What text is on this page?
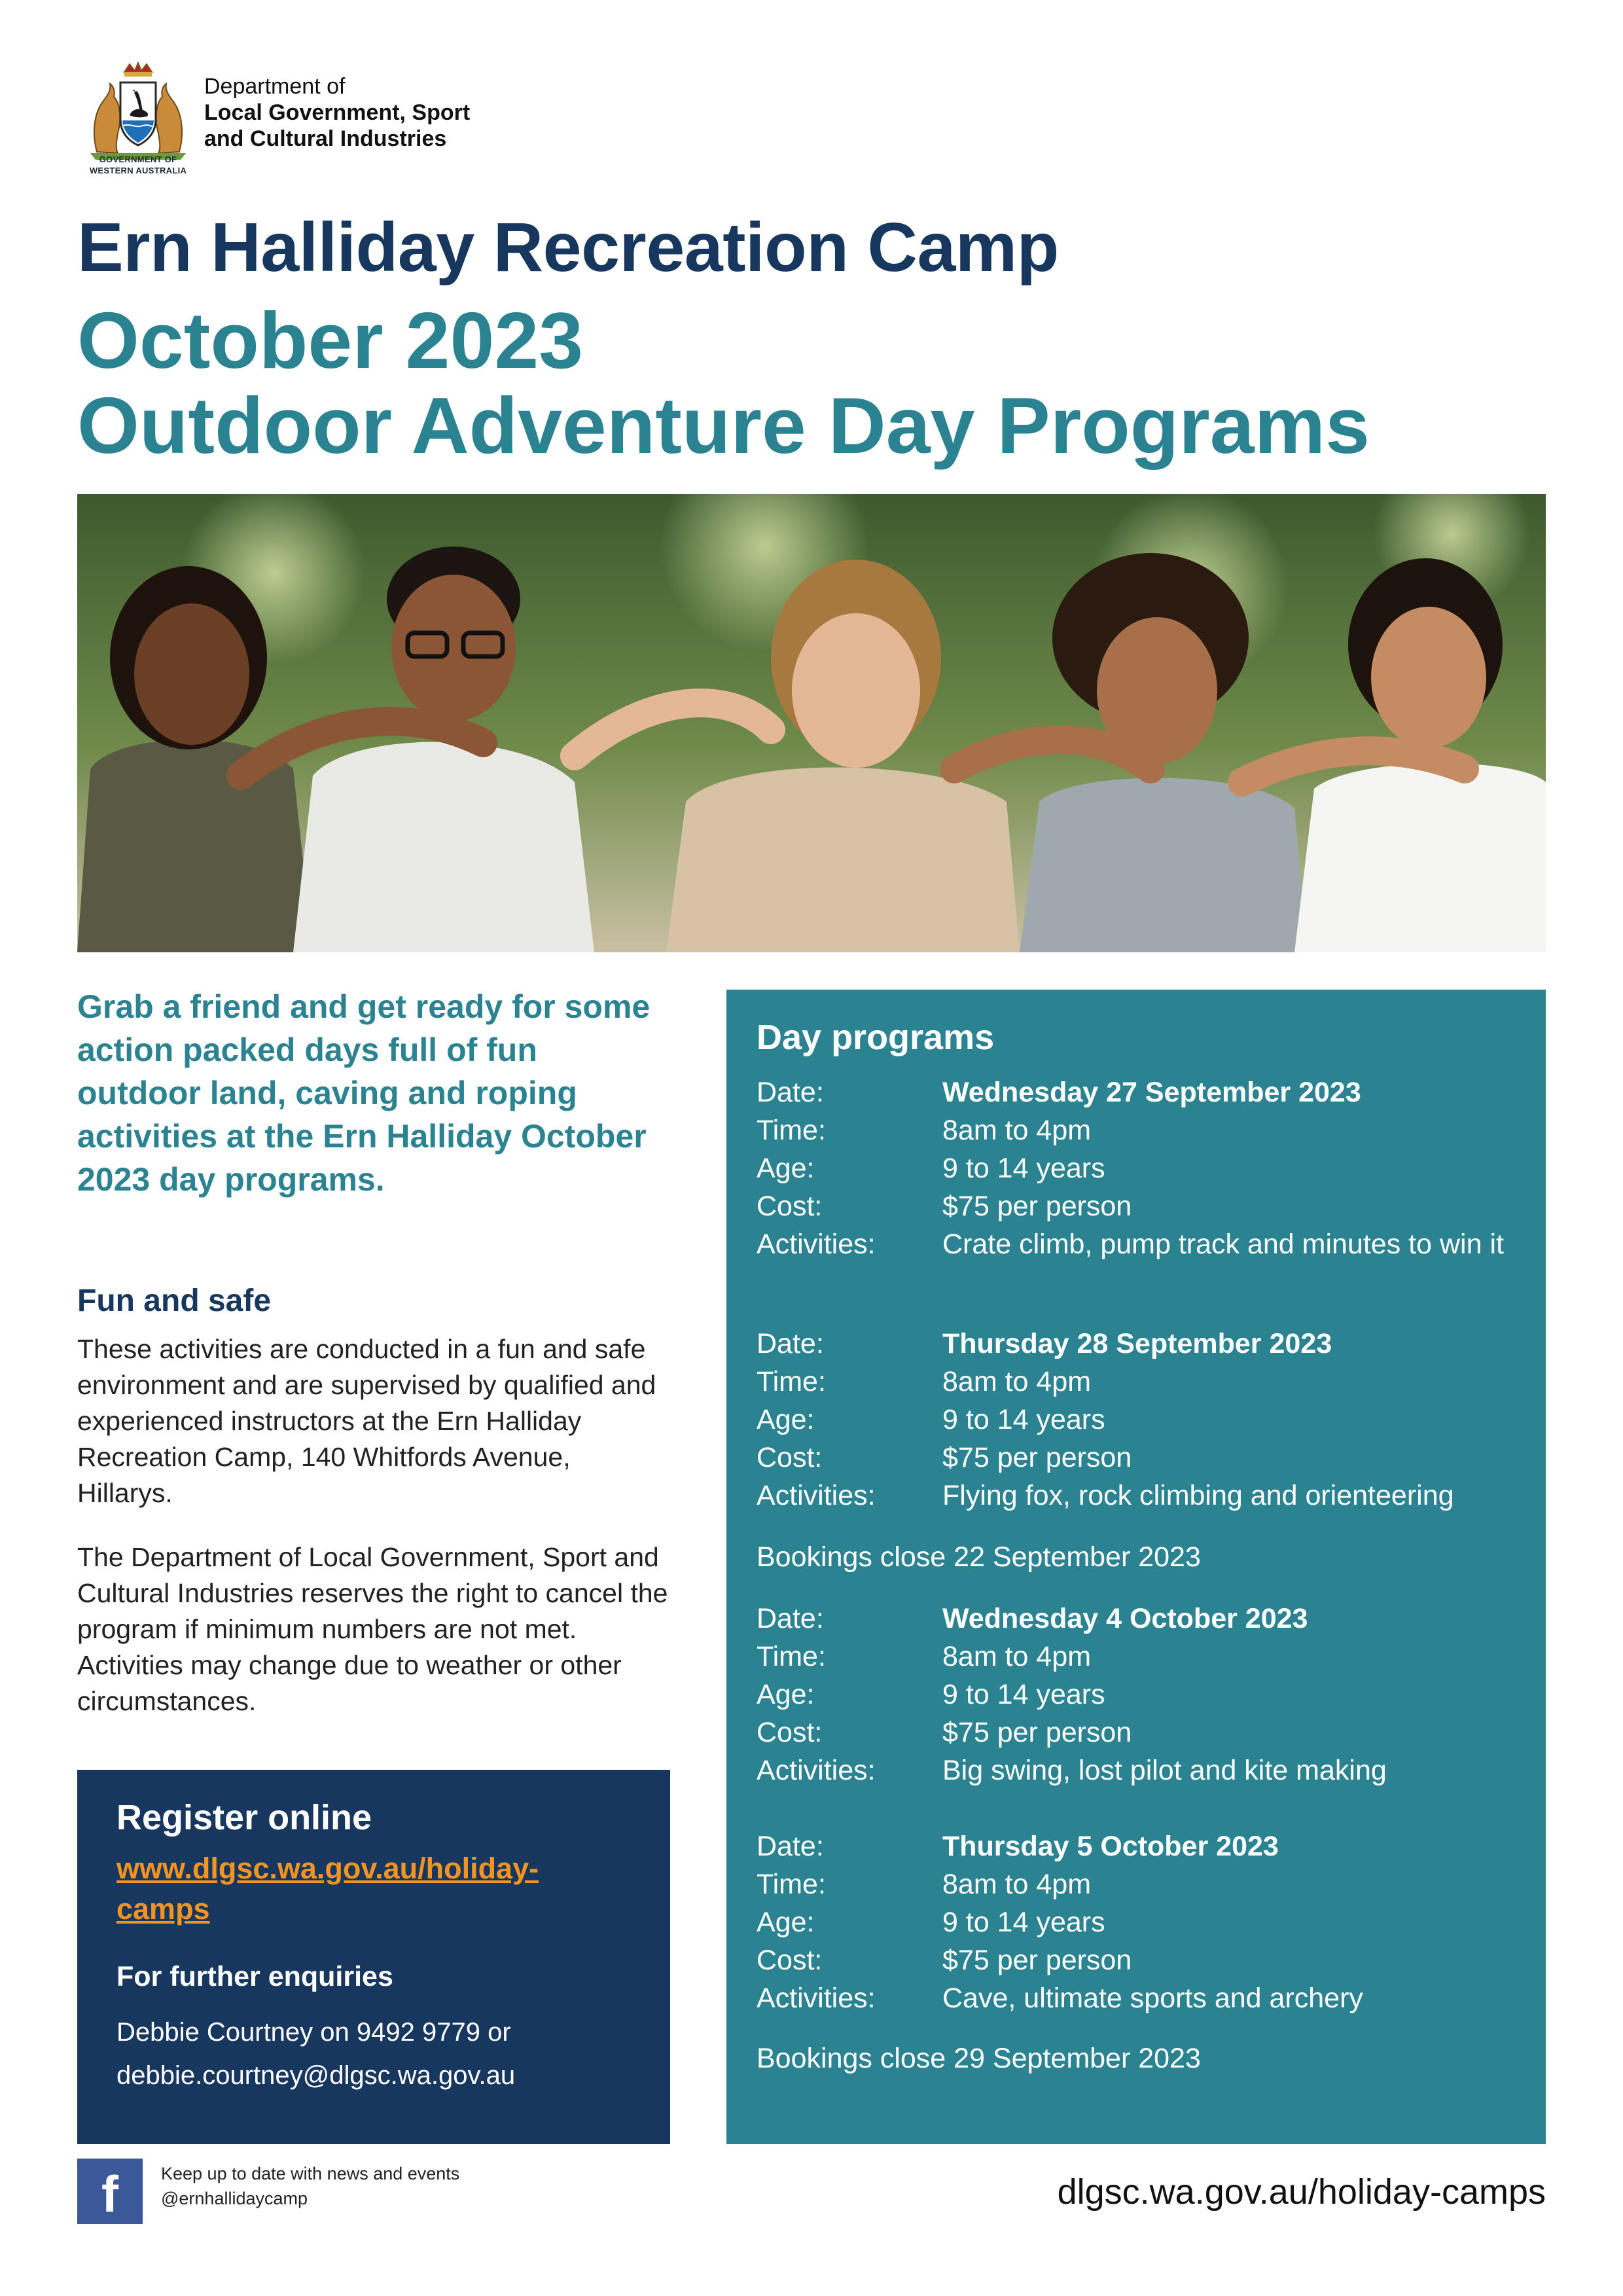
GOVERNMENT OF
WESTERN AUSTRALIA
Department of
Local Government, Sport
and Cultural Industries
Ern Halliday Recreation Camp
October 2023
Outdoor Adventure Day Programs

Grab a friend and get ready for some action packed days full of fun outdoor land, caving and roping activities at the Ern Halliday October 2023 day programs.

Fun and safe

These activities are conducted in a fun and safe environment and are supervised by qualified and experienced instructors at the Ern Halliday Recreation Camp, 140 Whitfords Avenue, Hillarys.

The Department of Local Government, Sport and Cultural Industries reserves the right to cancel the program if minimum numbers are not met. Activities may change due to weather or other circumstances.

Register online
www.dlgsc.wa.gov.au/holiday-camps
For further enquiries

Debbie Courtney on 9492 9779 or
debbie.courtney@dlgsc.wa.gov.au

Day programs
Date:	Wednesday 27 September 2023
Time:	8am to 4pm
Age:	9 to 14 years
Cost:	$75 per person
Activities: Crate climb, pump track and minutes to win it
Date:	Thursday 28 September 2023
Time:	8am to 4pm
Age:	9 to 14 years
Cost:	$75 per person
Activities: Flying fox, rock climbing and orienteering
Bookings close 22 September 2023
Date:	Wednesday 4 October 2023
Time:	8am to 4pm
Age:	9 to 14 years
Cost:	$75 per person
Activities: Big swing, lost pilot and kite making
Date:	Thursday 5 October 2023
Time:	8am to 4pm
Age:	9 to 14 years
Cost:	$75 per person
Activities: Cave, ultimate sports and archery
Bookings close 29 September 2023
f	Keep up to date with news and events
@ernhallidaycamp	dlgsc.wa.gov.au/holiday-camps
